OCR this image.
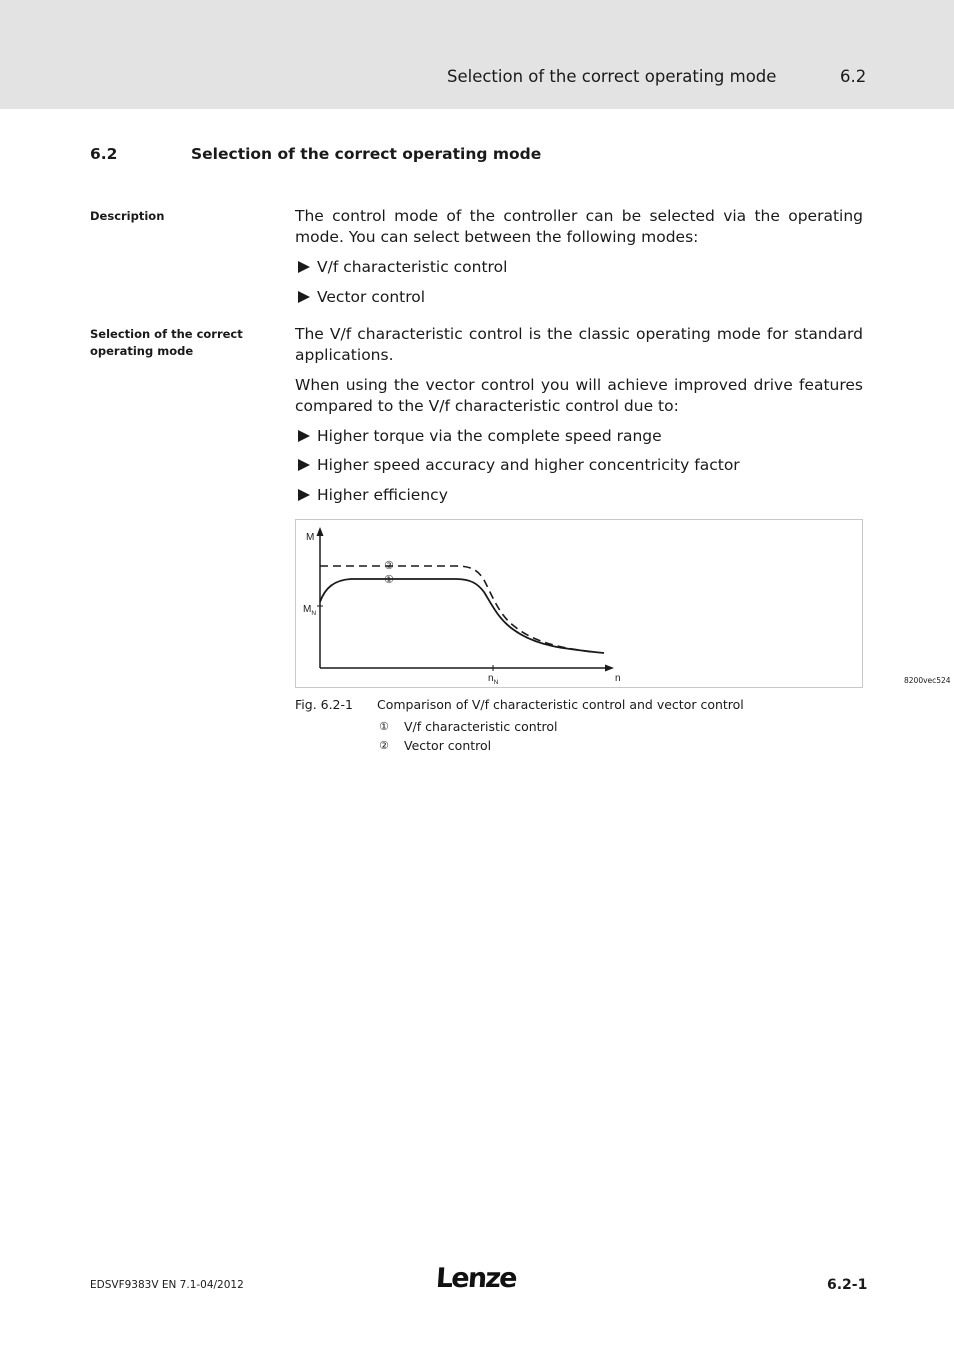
Selection of the correct operating mode	6.2
6.2	Selection of the correct operating mode
Description	The control mode of the controller can be selected via the operating mode. You can select between the following modes:
V/f characteristic control
Vector control
Selection of the correct operating mode
The V/f characteristic control is the classic operating mode for standard applications.
When using the vector control you will achieve improved drive features compared to the V/f characteristic control due to:
Higher torque via the complete speed range
Higher speed accuracy and higher concentricity factor
Higher efficiency
M
$M_N$
$n_N$	n
②
①
8200vec524
Fig. 6.2-1 Comparison of V/f characteristic control and vector control
① V/f characteristic control
② Vector control
EDSVF9383V EN 7.1-04/2012	Lenze	6.2-1
